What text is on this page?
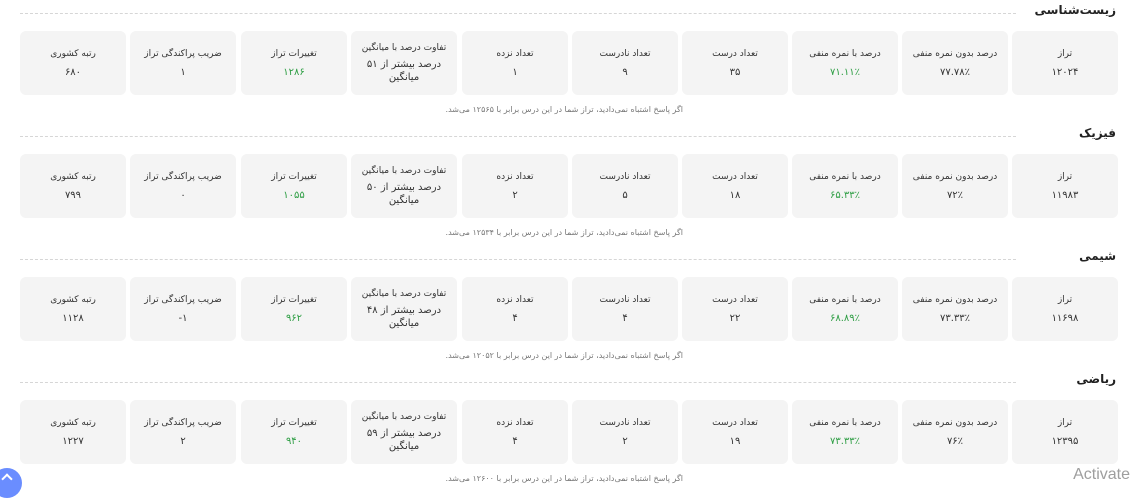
زیست‌شناسی
تراز
۱۲۰۲۴
درصد بدون نمره منفی
۷۷.۷۸٪
درصد با نمره منفی
۷۱.۱۱٪
تعداد درست
۳۵
تعداد نادرست
۹
تعداد نزده
۱
تفاوت درصد با میانگین
۵۱ درصد بیشتر از میانگین
تغییرات تراز
۱۲۸۶
ضریب پراکندگی تراز
۱
رتبه کشوری
۶۸۰
اگر پاسخ اشتباه نمی‌دادید، تراز شما در این درس برابر با ۱۲۵۶۵ می‌شد.
فیزیک
تراز
۱۱۹۸۳
درصد بدون نمره منفی
۷۲٪
درصد با نمره منفی
۶۵.۳۳٪
تعداد درست
۱۸
تعداد نادرست
۵
تعداد نزده
۲
تفاوت درصد با میانگین
۵۰ درصد بیشتر از میانگین
تغییرات تراز
۱۰۵۵
ضریب پراکندگی تراز
۰
رتبه کشوری
۷۹۹
اگر پاسخ اشتباه نمی‌دادید، تراز شما در این درس برابر با ۱۲۵۳۴ می‌شد.
شیمی
تراز
۱۱۶۹۸
درصد بدون نمره منفی
۷۳.۳۳٪
درصد با نمره منفی
۶۸.۸۹٪
تعداد درست
۲۲
تعداد نادرست
۴
تعداد نزده
۴
تفاوت درصد با میانگین
۴۸ درصد بیشتر از میانگین
تغییرات تراز
۹۶۲
ضریب پراکندگی تراز
-۱
رتبه کشوری
۱۱۲۸
اگر پاسخ اشتباه نمی‌دادید، تراز شما در این درس برابر با ۱۲۰۵۲ می‌شد.
ریاضی
تراز
۱۲۳۹۵
درصد بدون نمره منفی
۷۶٪
درصد با نمره منفی
۷۳.۳۳٪
تعداد درست
۱۹
تعداد نادرست
۲
تعداد نزده
۴
تفاوت درصد با میانگین
۵۹ درصد بیشتر از میانگین
تغییرات تراز
۹۴۰
ضریب پراکندگی تراز
۲
رتبه کشوری
۱۲۲۷
اگر پاسخ اشتباه نمی‌دادید، تراز شما در این درس برابر با ۱۲۶۰۰ می‌شد.	Activate
